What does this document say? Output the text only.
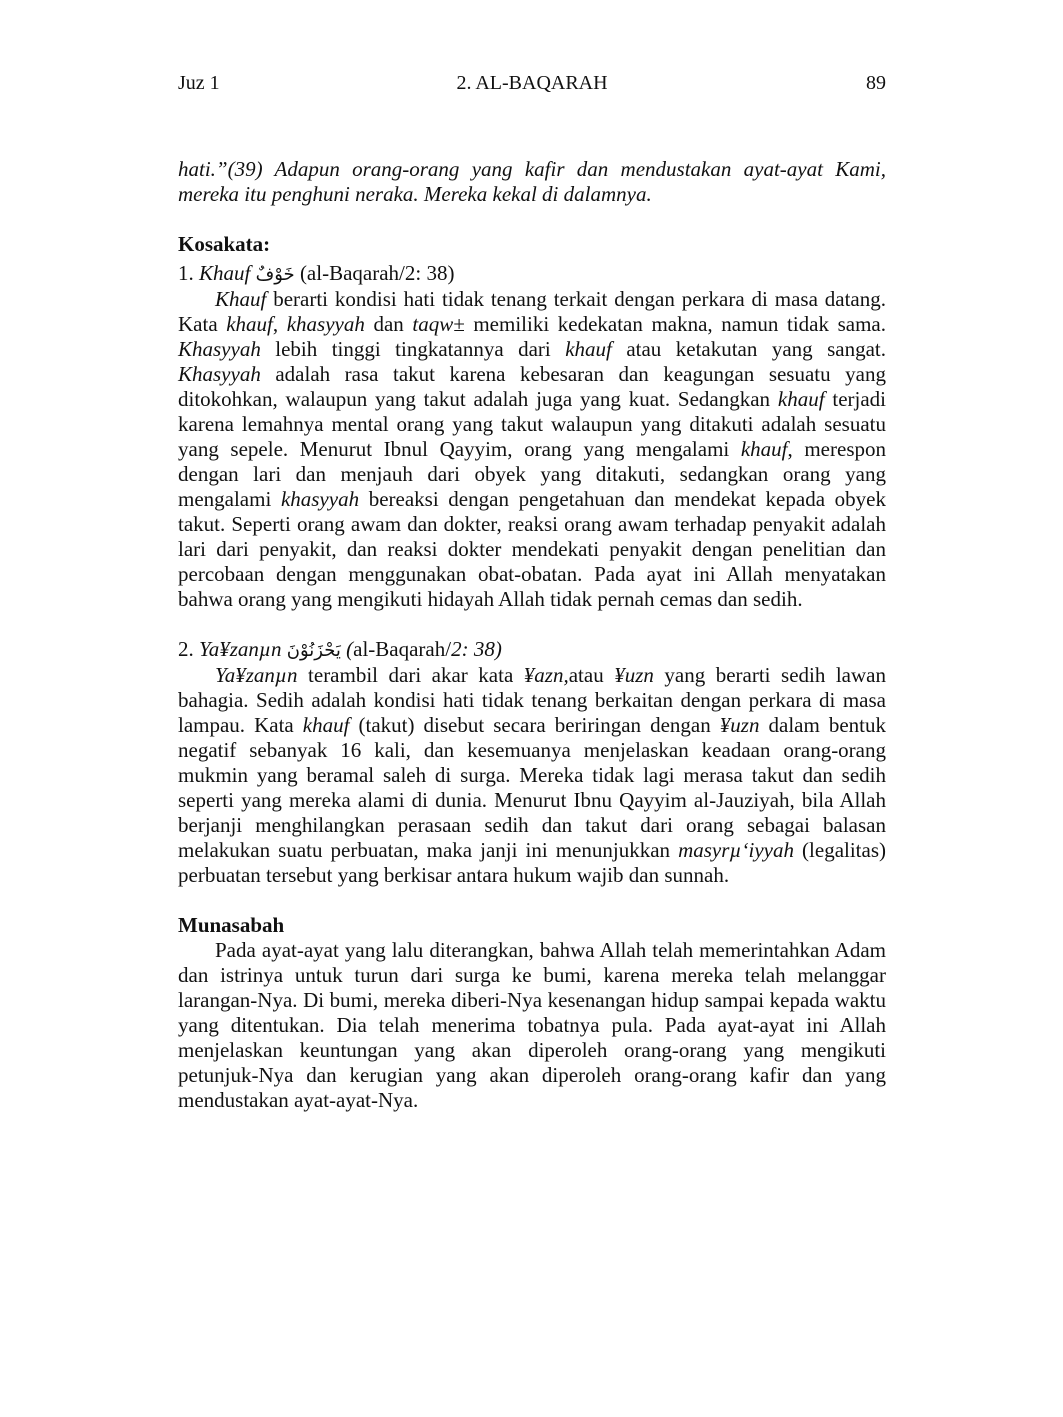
Juz 1	2. AL-BAQARAH	89

hati.”(39) Adapun orang-orang yang kafir dan mendustakan ayat-ayat Kami, mereka itu penghuni neraka. Mereka kekal di dalamnya.

Kosakata:

1. Khauf خَوْفٌ (al-Baqarah/2: 38)

Khauf berarti kondisi hati tidak tenang terkait dengan perkara di masa datang. Kata khauf, khasyyah dan taqw± memiliki kedekatan makna, namun tidak sama. Khasyyah lebih tinggi tingkatannya dari khauf atau ketakutan yang sangat. Khasyyah adalah rasa takut karena kebesaran dan keagungan sesuatu yang ditokohkan, walaupun yang takut adalah juga yang kuat. Sedangkan khauf terjadi karena lemahnya mental orang yang takut walaupun yang ditakuti adalah sesuatu yang sepele. Menurut Ibnul Qayyim, orang yang mengalami khauf, merespon dengan lari dan menjauh dari obyek yang ditakuti, sedangkan orang yang mengalami khasyyah bereaksi dengan pengetahuan dan mendekat kepada obyek takut. Seperti orang awam dan dokter, reaksi orang awam terhadap penyakit adalah lari dari penyakit, dan reaksi dokter mendekati penyakit dengan penelitian dan percobaan dengan menggunakan obat-obatan. Pada ayat ini Allah menyatakan bahwa orang yang mengikuti hidayah Allah tidak pernah cemas dan sedih.

2. Ya¥zanµn يَحْزَنُوْنَ (al-Baqarah/2: 38)

Ya¥zanµn terambil dari akar kata ¥azn,atau ¥uzn yang berarti sedih lawan bahagia. Sedih adalah kondisi hati tidak tenang berkaitan dengan perkara di masa lampau. Kata khauf (takut) disebut secara beriringan dengan ¥uzn dalam bentuk negatif sebanyak 16 kali, dan kesemuanya menjelaskan keadaan orang-orang mukmin yang beramal saleh di surga. Mereka tidak lagi merasa takut dan sedih seperti yang mereka alami di dunia. Menurut Ibnu Qayyim al-Jauziyah, bila Allah berjanji menghilangkan perasaan sedih dan takut dari orang sebagai balasan melakukan suatu perbuatan, maka janji ini menunjukkan masyrµ‘iyyah (legalitas) perbuatan tersebut yang berkisar antara hukum wajib dan sunnah.

Munasabah

Pada ayat-ayat yang lalu diterangkan, bahwa Allah telah memerintahkan Adam dan istrinya untuk turun dari surga ke bumi, karena mereka telah melanggar larangan-Nya. Di bumi, mereka diberi-Nya kesenangan hidup sampai kepada waktu yang ditentukan. Dia telah menerima tobatnya pula. Pada ayat-ayat ini Allah menjelaskan keuntungan yang akan diperoleh orang-orang yang mengikuti petunjuk-Nya dan kerugian yang akan diperoleh orang-orang kafir dan yang mendustakan ayat-ayat-Nya.
